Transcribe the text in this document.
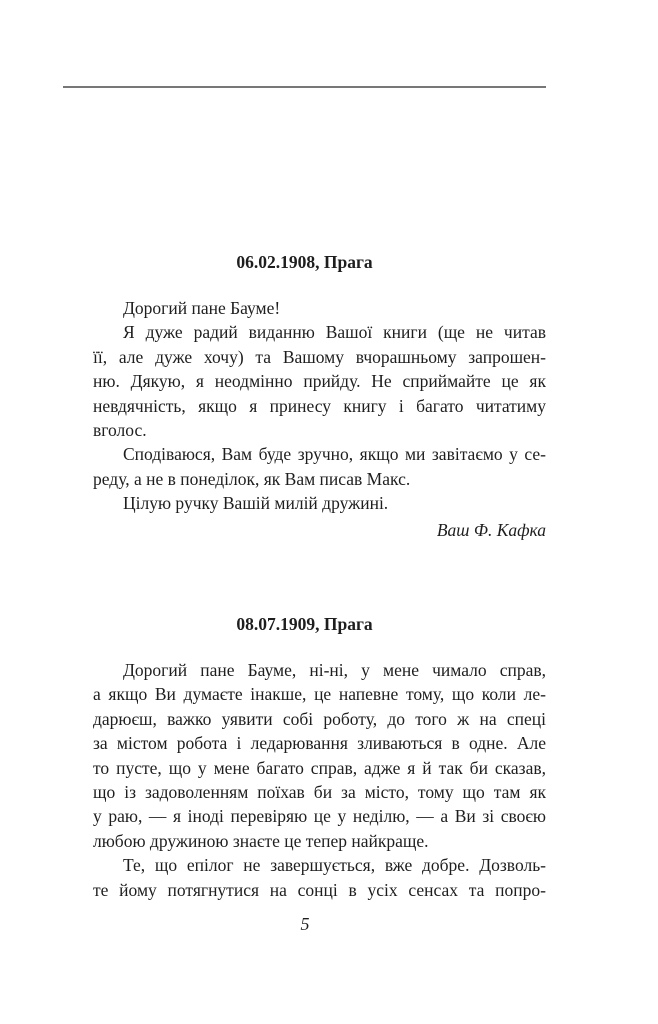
06.02.1908, Прага
Дорогий пане Бауме!
Я дуже радий виданню Вашої книги (ще не читав
її, але дуже хочу) та Вашому вчорашньому запрошен-
ню. Дякую, я неодмінно прийду. Не сприймайте це як
невдячність, якщо я принесу книгу і багато читатиму
вголос.
Сподіваюся, Вам буде зручно, якщо ми завітаємо у се-
реду, а не в понеділок, як Вам писав Макс.
Цілую ручку Вашій милій дружині.
Ваш Ф. Кафка
08.07.1909, Прага
Дорогий пане Бауме, ні-ні, у мене чимало справ,
а якщо Ви думаєте інакше, це напевне тому, що коли ле-
дарюєш, важко уявити собі роботу, до того ж на спеці
за містом робота і ледарювання зливаються в одне. Але
то пусте, що у мене багато справ, адже я й так би сказав,
що із задоволенням поїхав би за місто, тому що там як
у раю, — я іноді перевіряю це у неділю, — а Ви зі своєю
любою дружиною знаєте це тепер найкраще.
Те, що епілог не завершується, вже добре. Дозволь-
те йому потягнутися на сонці в усіх сенсах та попро-
5
